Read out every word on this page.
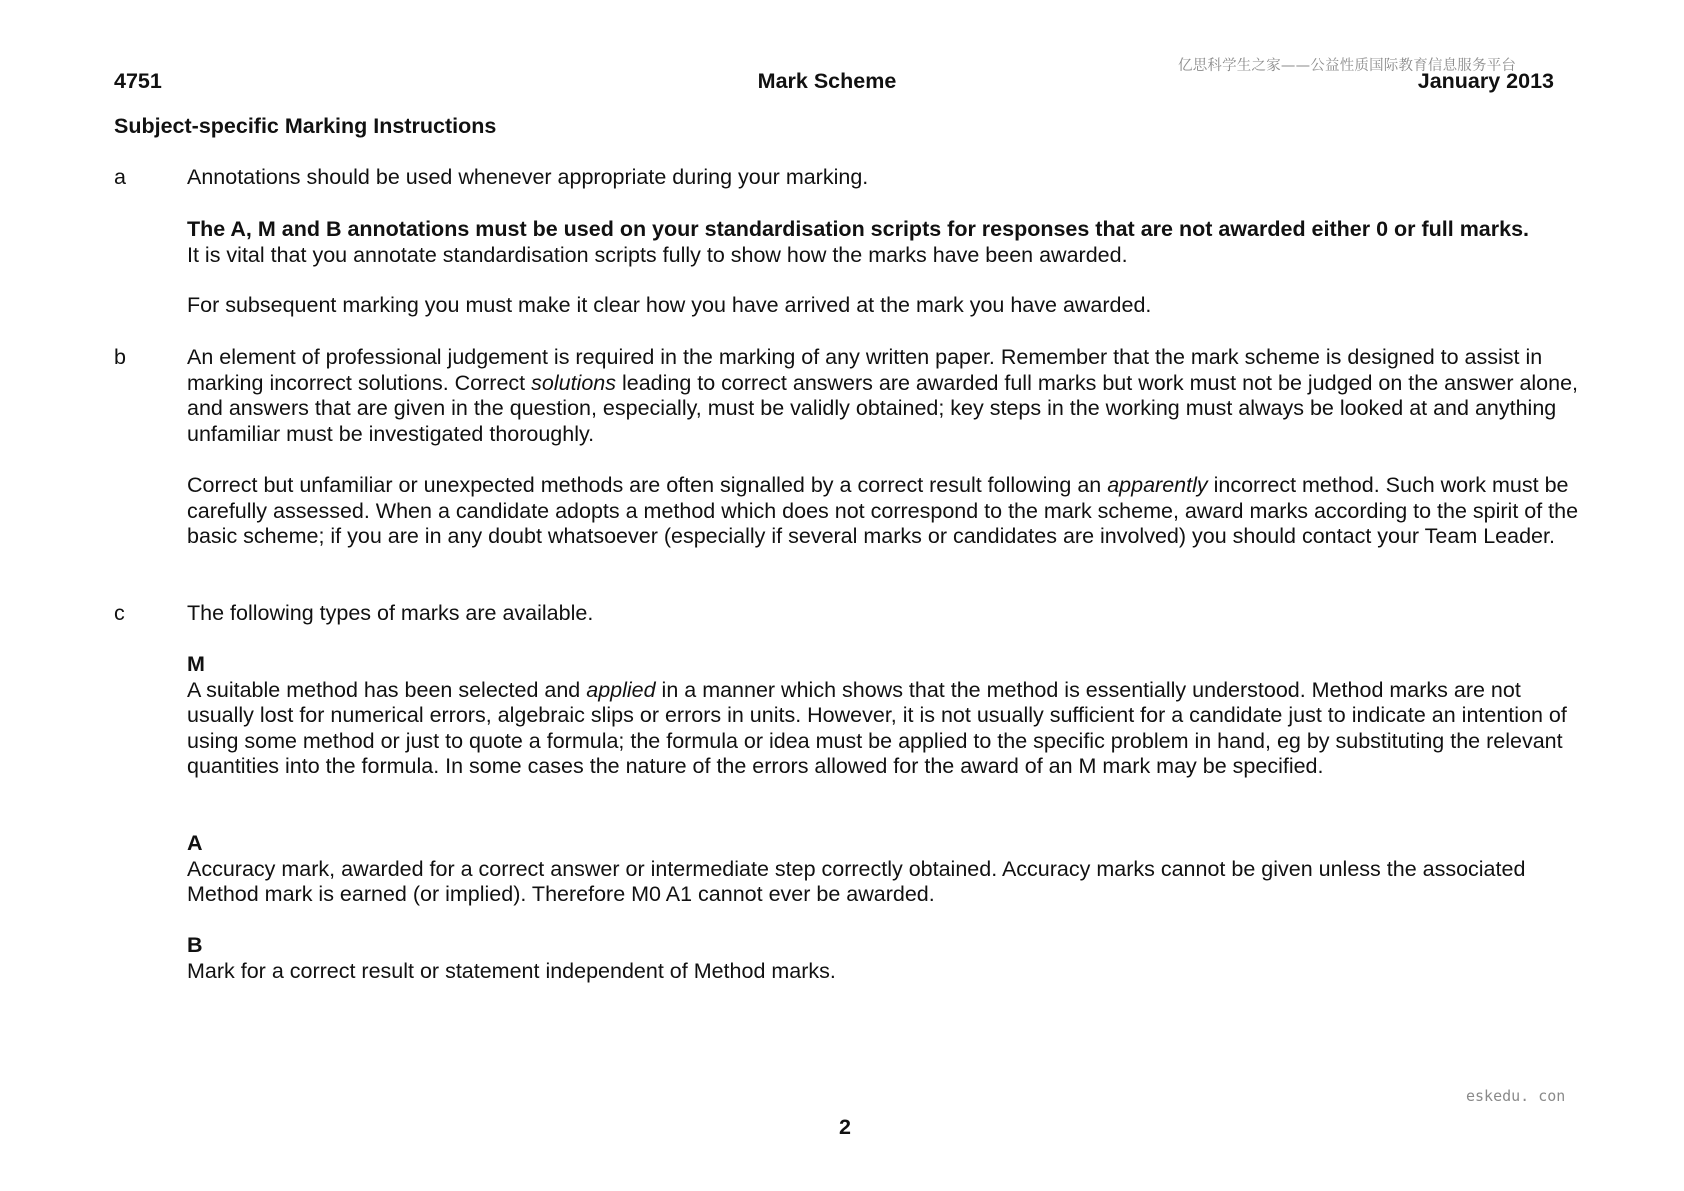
亿思科学生之家——公益性质国际教育信息服务平台
4751	Mark Scheme	January 2013
Subject-specific Marking Instructions
a	Annotations should be used whenever appropriate during your marking.

The A, M and B annotations must be used on your standardisation scripts for responses that are not awarded either 0 or full marks.
It is vital that you annotate standardisation scripts fully to show how the marks have been awarded.

For subsequent marking you must make it clear how you have arrived at the mark you have awarded.

b	An element of professional judgement is required in the marking of any written paper. Remember that the mark scheme is designed to assist in marking incorrect solutions. Correct solutions leading to correct answers are awarded full marks but work must not be judged on the answer alone, and answers that are given in the question, especially, must be validly obtained; key steps in the working must always be looked at and anything unfamiliar must be investigated thoroughly.

Correct but unfamiliar or unexpected methods are often signalled by a correct result following an apparently incorrect method. Such work must be carefully assessed. When a candidate adopts a method which does not correspond to the mark scheme, award marks according to the spirit of the basic scheme; if you are in any doubt whatsoever (especially if several marks or candidates are involved) you should contact your Team Leader.

c	The following types of marks are available.

M
A suitable method has been selected and applied in a manner which shows that the method is essentially understood. Method marks are not usually lost for numerical errors, algebraic slips or errors in units. However, it is not usually sufficient for a candidate just to indicate an intention of using some method or just to quote a formula; the formula or idea must be applied to the specific problem in hand, eg by substituting the relevant quantities into the formula. In some cases the nature of the errors allowed for the award of an M mark may be specified.

A
Accuracy mark, awarded for a correct answer or intermediate step correctly obtained. Accuracy marks cannot be given unless the associated Method mark is earned (or implied). Therefore M0 A1 cannot ever be awarded.

B
Mark for a correct result or statement independent of Method marks.

eskedu. con
2
